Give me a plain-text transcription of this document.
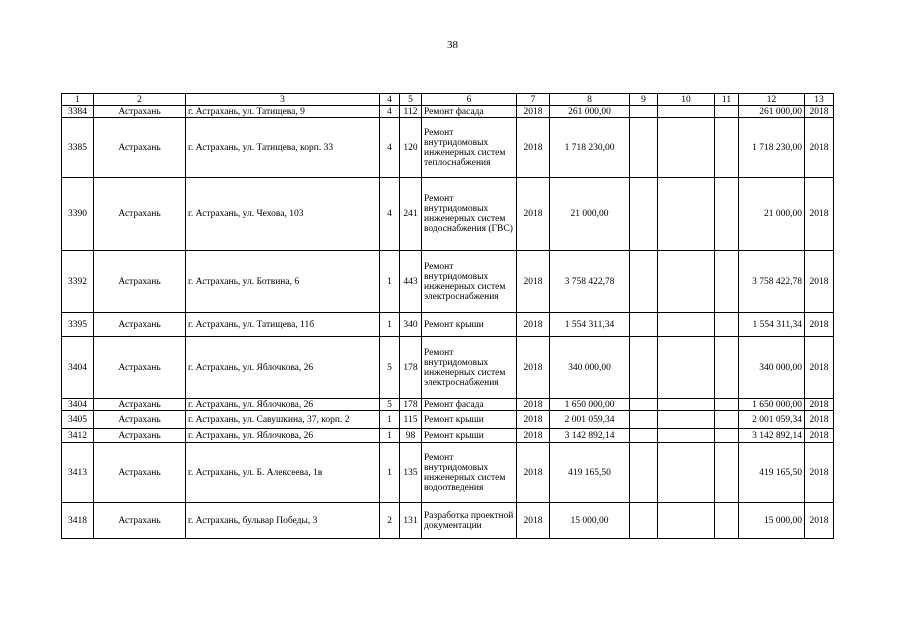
38
1	2	3	4	5	6	7	8	9	10	11	12	13
3384	Астрахань	г. Астрахань, ул. Татищева, 9	4	112	Ремонт фасада	2018	261 000,00				261 000,00	2018
3385	Астрахань	г. Астрахань, ул. Татищева, корп. 33	4	120	Ремонт внутридомовых инженерных систем теплоснабжения	2018	1 718 230,00				1 718 230,00	2018
3390	Астрахань	г. Астрахань, ул. Чехова, 103	4	241	Ремонт внутридомовых инженерных систем водоснабжения (ГВС)	2018	21 000,00				21 000,00	2018
3392	Астрахань	г. Астрахань, ул. Ботвина, 6	1	443	Ремонт внутридомовых инженерных систем электроснабжения	2018	3 758 422,78				3 758 422,78	2018
3395	Астрахань	г. Астрахань, ул. Татищева, 11б	1	340	Ремонт крыши	2018	1 554 311,34				1 554 311,34	2018
3404	Астрахань	г. Астрахань, ул. Яблочкова, 26	5	178	Ремонт внутридомовых инженерных систем электроснабжения	2018	340 000,00				340 000,00	2018
3404	Астрахань	г. Астрахань, ул. Яблочкова, 26	5	178	Ремонт фасада	2018	1 650 000,00				1 650 000,00	2018
3405	Астрахань	г. Астрахань, ул. Савушкина, 37, корп. 2	1	115	Ремонт крыши	2018	2 001 059,34				2 001 059,34	2018
3412	Астрахань	г. Астрахань, ул. Яблочкова, 26	1	98	Ремонт крыши	2018	3 142 892,14				3 142 892,14	2018
3413	Астрахань	г. Астрахань, ул. Б. Алексеева, 1в	1	135	Ремонт внутридомовых инженерных систем водоотведения	2018	419 165,50				419 165,50	2018
3418	Астрахань	г. Астрахань, бульвар Победы, 3	2	131	Разработка проектной документации	2018	15 000,00				15 000,00	2018
